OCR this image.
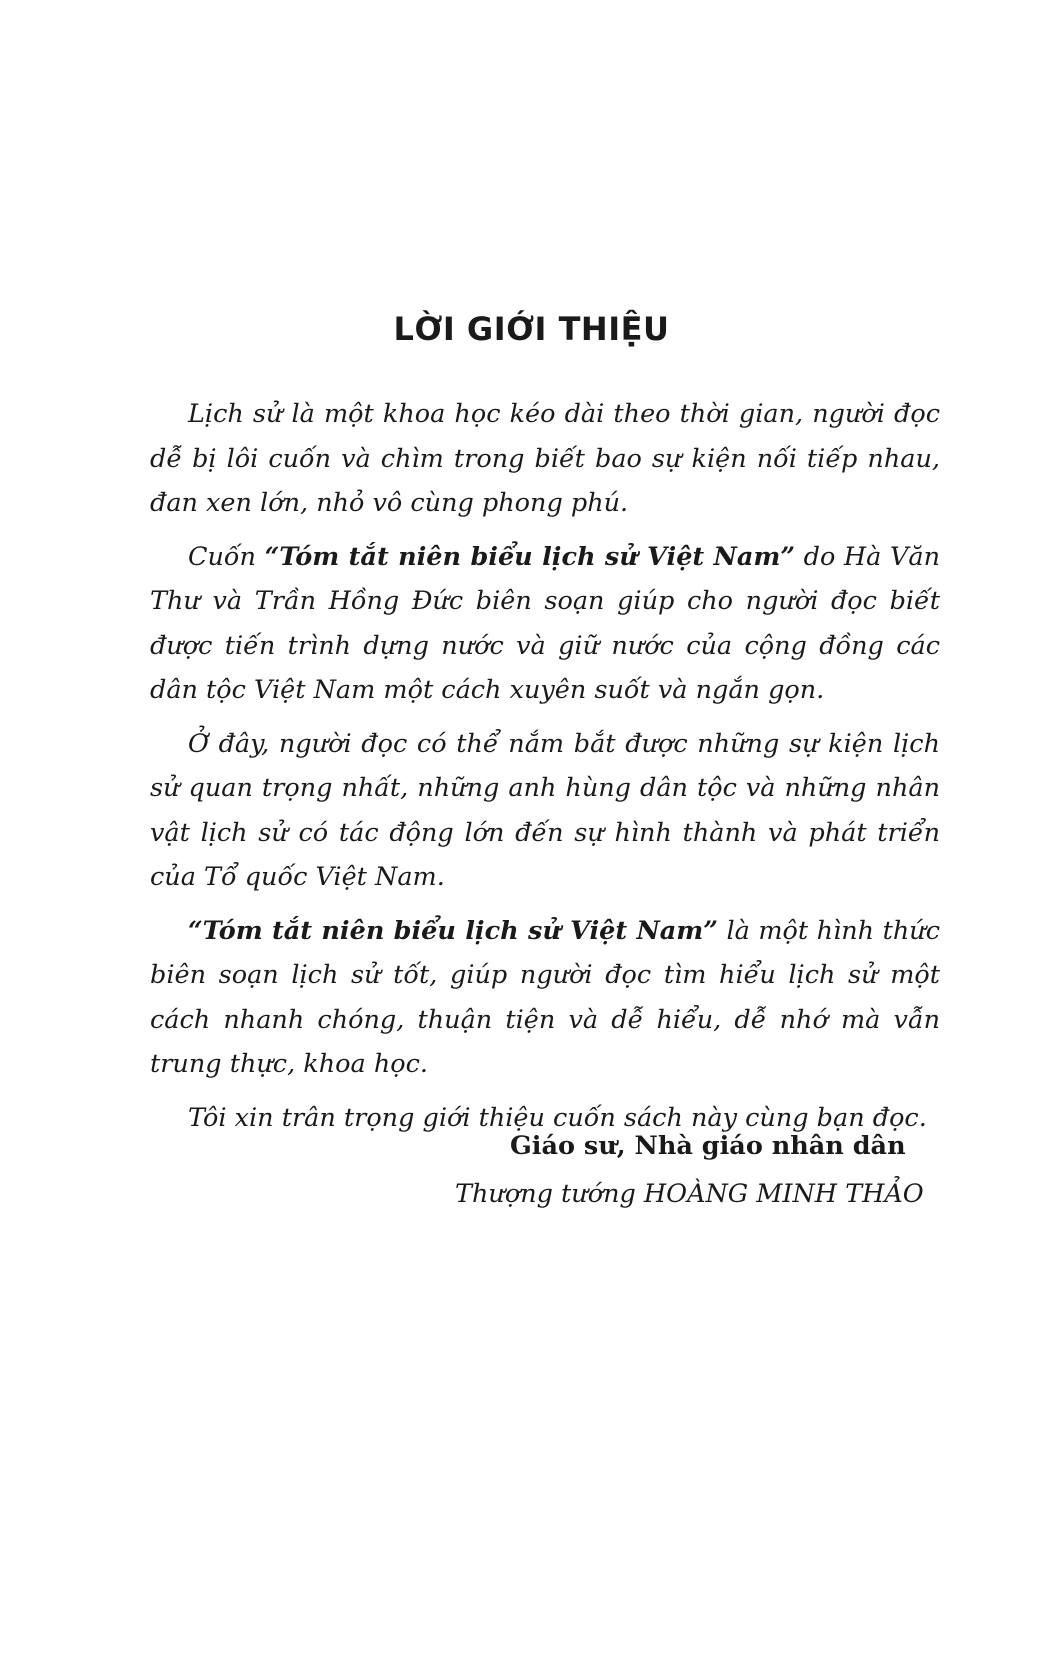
LỜI GIỚI THIỆU

Lịch sử là một khoa học kéo dài theo thời gian, người đọc dễ bị lôi cuốn và chìm trong biết bao sự kiện nối tiếp nhau, đan xen lớn, nhỏ vô cùng phong phú.

Cuốn “Tóm tắt niên biểu lịch sử Việt Nam” do Hà Văn Thư và Trần Hồng Đức biên soạn giúp cho người đọc biết được tiến trình dựng nước và giữ nước của cộng đồng các dân tộc Việt Nam một cách xuyên suốt và ngắn gọn.

Ở đây, người đọc có thể nắm bắt được những sự kiện lịch sử quan trọng nhất, những anh hùng dân tộc và những nhân vật lịch sử có tác động lớn đến sự hình thành và phát triển của Tổ quốc Việt Nam.

“Tóm tắt niên biểu lịch sử Việt Nam” là một hình thức biên soạn lịch sử tốt, giúp người đọc tìm hiểu lịch sử một cách nhanh chóng, thuận tiện và dễ hiểu, dễ nhớ mà vẫn trung thực, khoa học.

Tôi xin trân trọng giới thiệu cuốn sách này cùng bạn đọc.

Giáo sư, Nhà giáo nhân dân
Thượng tướng HOÀNG MINH THẢO
